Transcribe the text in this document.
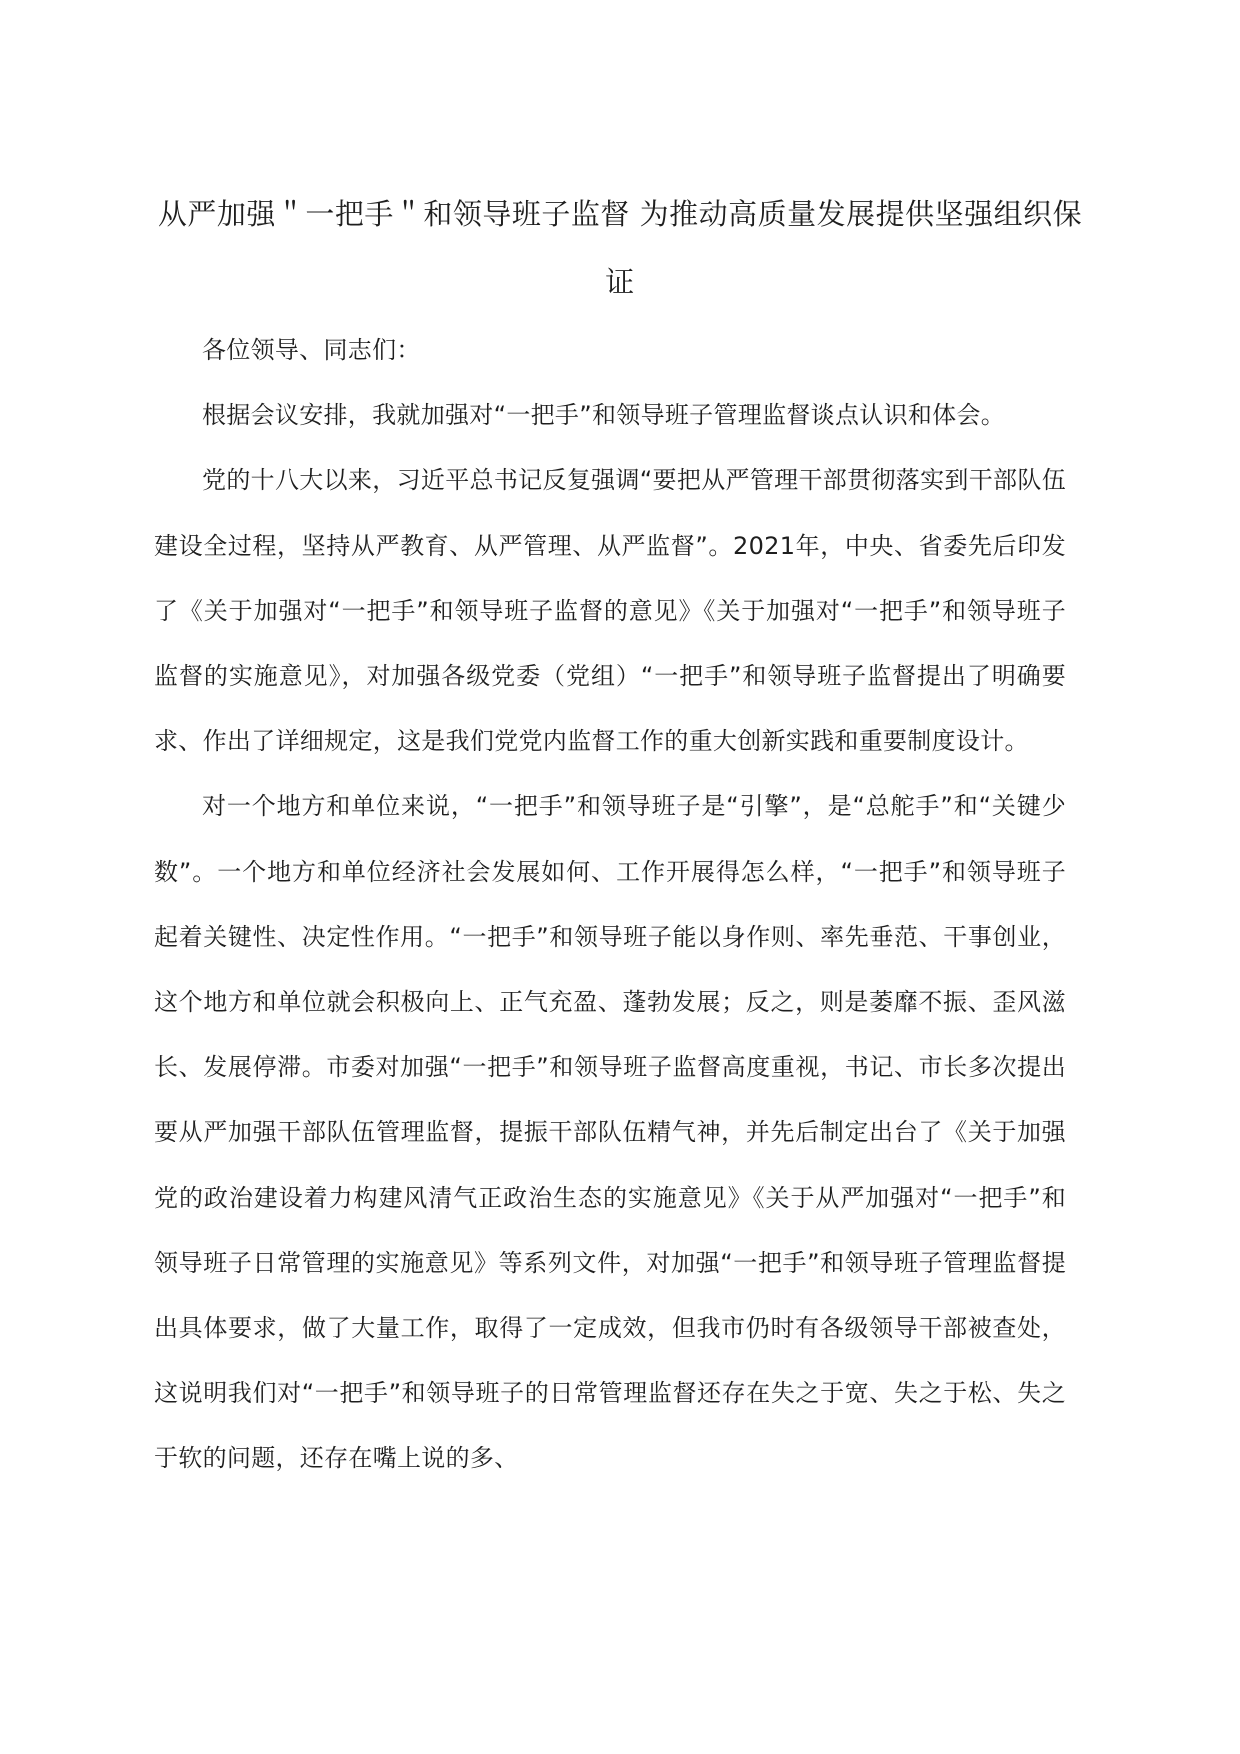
从严加强＂一把手＂和领导班子监督 为推动高质量发展提供坚强组织保证

各位领导、同志们：

根据会议安排，我就加强对“一把手”和领导班子管理监督谈点认识和体会。

党的十八大以来，习近平总书记反复强调“要把从严管理干部贯彻落实到干部队伍建设全过程，坚持从严教育、从严管理、从严监督”。2021年，中央、省委先后印发了《关于加强对“一把手”和领导班子监督的意见》《关于加强对“一把手”和领导班子监督的实施意见》，对加强各级党委（党组）“一把手”和领导班子监督提出了明确要求、作出了详细规定，这是我们党党内监督工作的重大创新实践和重要制度设计。

对一个地方和单位来说，“一把手”和领导班子是“引擎”，是“总舵手”和“关键少数”。一个地方和单位经济社会发展如何、工作开展得怎么样，“一把手”和领导班子起着关键性、决定性作用。“一把手”和领导班子能以身作则、率先垂范、干事创业，这个地方和单位就会积极向上、正气充盈、蓬勃发展；反之，则是萎靡不振、歪风滋长、发展停滞。市委对加强“一把手”和领导班子监督高度重视，书记、市长多次提出要从严加强干部队伍管理监督，提振干部队伍精气神，并先后制定出台了《关于加强党的政治建设着力构建风清气正政治生态的实施意见》《关于从严加强对“一把手”和领导班子日常管理的实施意见》等系列文件，对加强“一把手”和领导班子管理监督提出具体要求，做了大量工作，取得了一定成效，但我市仍时有各级领导干部被查处，这说明我们对“一把手”和领导班子的日常管理监督还存在失之于宽、失之于松、失之于软的问题，还存在嘴上说的多、
